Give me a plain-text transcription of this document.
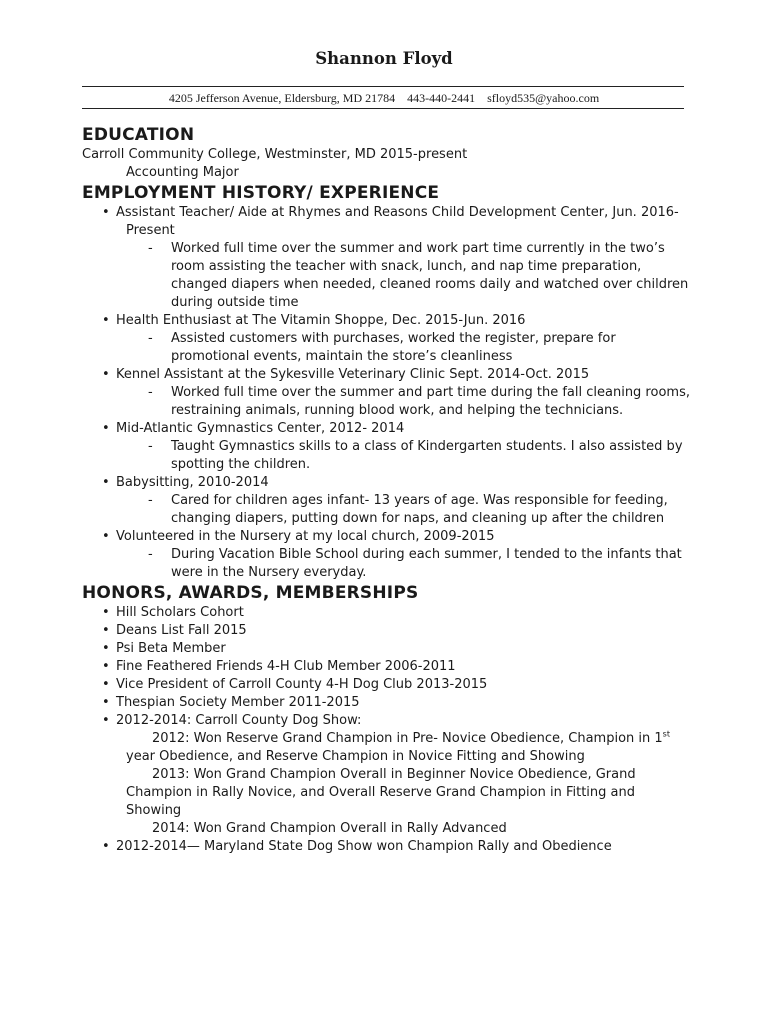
Shannon Floyd
4205 Jefferson Avenue, Eldersburg, MD 21784    443-440-2441    sfloyd535@yahoo.com
EDUCATION

Carroll Community College, Westminster, MD 2015-present

Accounting Major

EMPLOYMENT HISTORY/ EXPERIENCE
• Assistant Teacher/ Aide at Rhymes and Reasons Child Development Center, Jun. 2016- Present
- Worked full time over the summer and work part time currently in the two’s room assisting the teacher with snack, lunch, and nap time preparation, changed diapers when needed, cleaned rooms daily and watched over children during outside time
• Health Enthusiast at The Vitamin Shoppe, Dec. 2015-Jun. 2016
- Assisted customers with purchases, worked the register, prepare for promotional events, maintain the store’s cleanliness
• Kennel Assistant at the Sykesville Veterinary Clinic Sept. 2014-Oct. 2015
- Worked full time over the summer and part time during the fall cleaning rooms, restraining animals, running blood work, and helping the technicians.
• Mid-Atlantic Gymnastics Center, 2012- 2014
- Taught Gymnastics skills to a class of Kindergarten students. I also assisted by spotting the children.
• Babysitting, 2010-2014
- Cared for children ages infant- 13 years of age. Was responsible for feeding, changing diapers, putting down for naps, and cleaning up after the children
• Volunteered in the Nursery at my local church, 2009-2015
- During Vacation Bible School during each summer, I tended to the infants that were in the Nursery everyday.
HONORS, AWARDS, MEMBERSHIPS
• Hill Scholars Cohort
• Deans List Fall 2015
• Psi Beta Member
• Fine Feathered Friends 4-H Club Member 2006-2011
• Vice President of Carroll County 4-H Dog Club 2013-2015
• Thespian Society Member 2011-2015
• 2012-2014: Carroll County Dog Show:
2012: Won Reserve Grand Champion in Pre- Novice Obedience, Champion in 1st year Obedience, and Reserve Champion in Novice Fitting and Showing
2013: Won Grand Champion Overall in Beginner Novice Obedience, Grand Champion in Rally Novice, and Overall Reserve Grand Champion in Fitting and Showing
2014: Won Grand Champion Overall in Rally Advanced
• 2012-2014— Maryland State Dog Show won Champion Rally and Obedience
